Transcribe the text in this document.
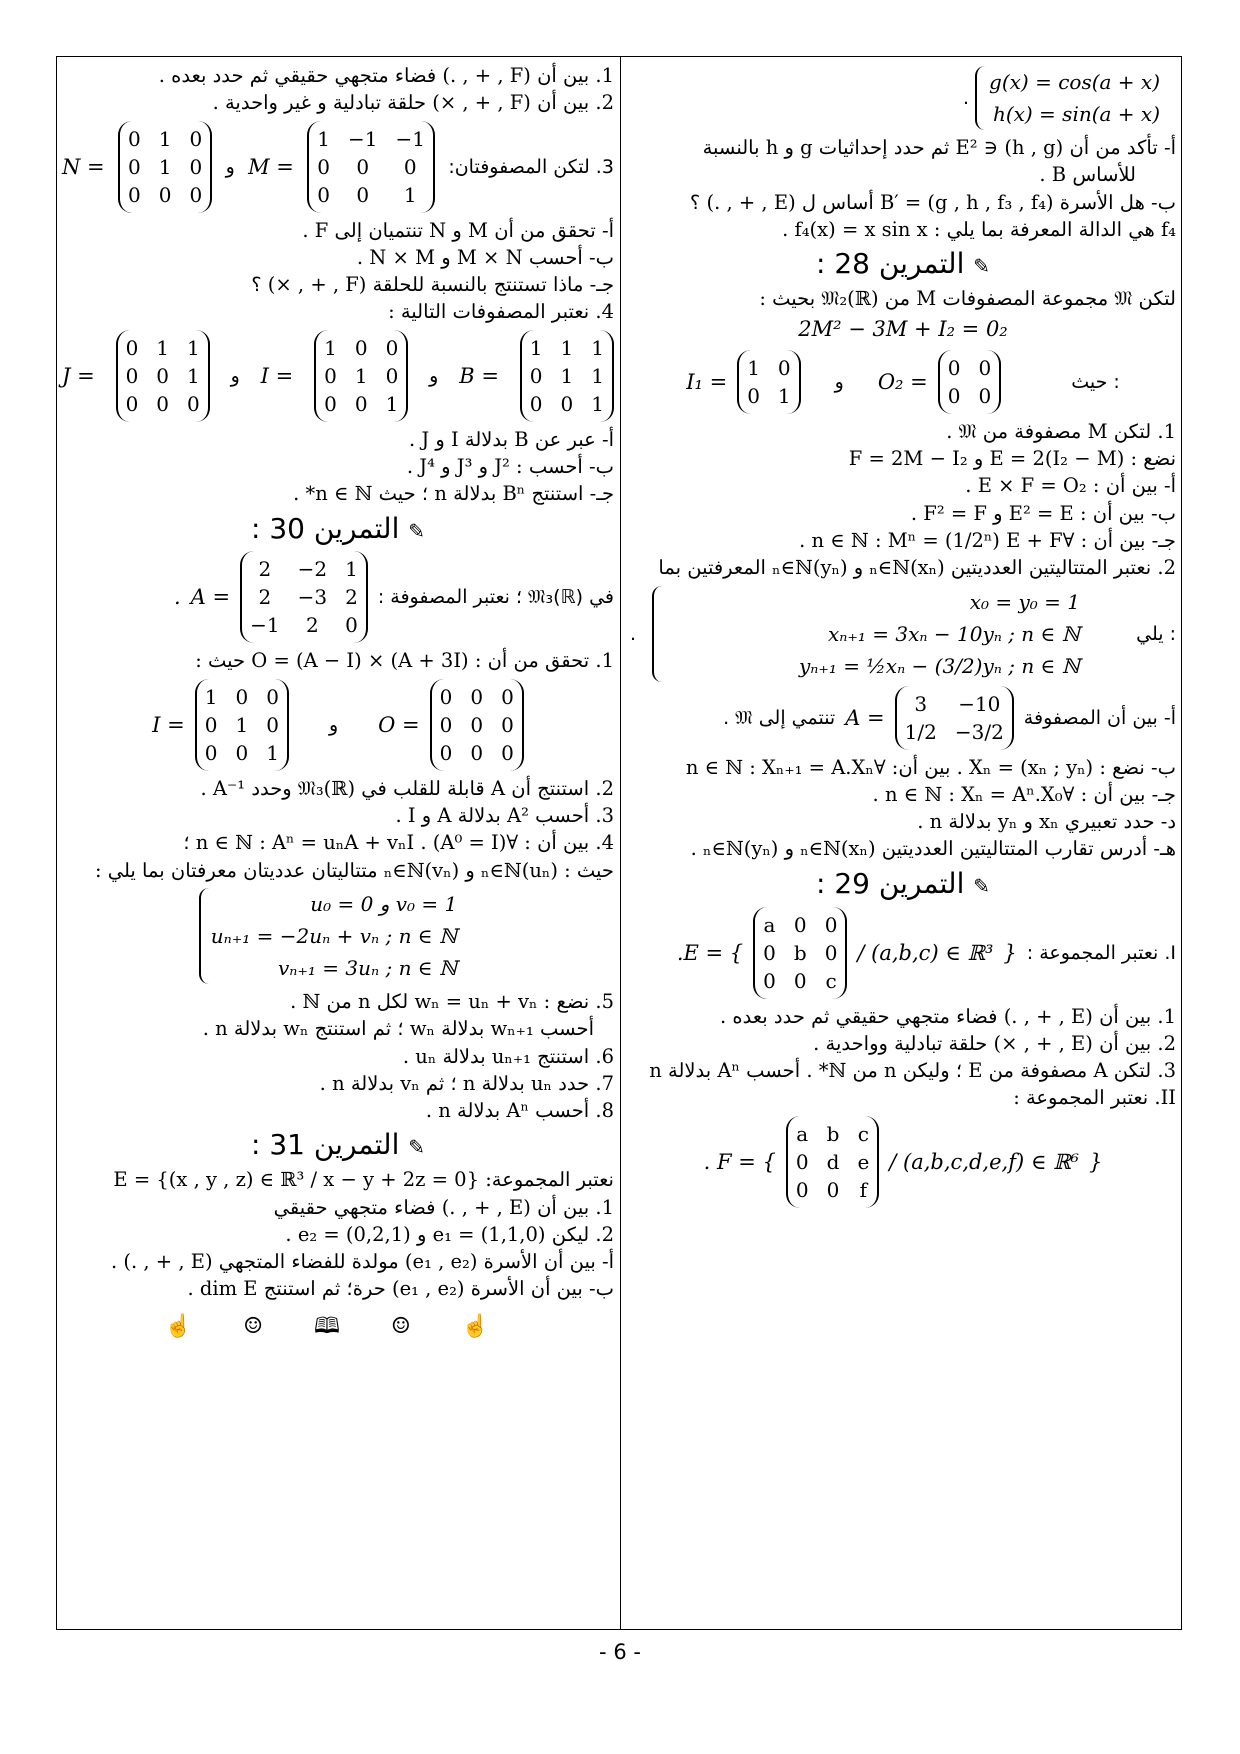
.
g(x) = cos(a + x)
h(x) = sin(a + x)

أ- تأكد من أن (h , g) ∈ E² ثم حدد إحداثيات g و h بالنسبة

للأساس B .

ب- هل الأسرة B′ = (g , h , f₃ , f₄) أساس ل (E , + , .) ؟

f₄ هي الدالة المعرفة بما يلي : f₄(x) = x sin x .

✎ التمرين 28 :

لتكن 𝔐 مجموعة المصفوفات M من 𝔐₂(ℝ) بحيث :

2M² − 3M + I₂ = 0₂

I₁ =
1 0
0 1
و O₂ =
0 0
0 0
حيث :

1. لتكن M مصفوفة من 𝔐 .

نضع : E = 2(I₂ − M) و F = 2M − I₂

أ- بين أن : E × F = O₂ .

ب- بين أن : E² = E و F² = F .

جـ- بين أن : ∀n ∈ ℕ : Mⁿ = (1/2ⁿ) E + F .

2. نعتبر المتتاليتين العدديتين (xₙ)ₙ∈ℕ و (yₙ)ₙ∈ℕ المعرفتين بما

.
x₀ = y₀ = 1
xₙ₊₁ = 3xₙ − 10yₙ ; n ∈ ℕ
yₙ₊₁ = ½xₙ − (3/2)yₙ ; n ∈ ℕ
يلي :
تنتمي إلى 𝔐 . A =
3	−10
1/2 −3/2
أ- بين أن المصفوفة

ب- نضع : Xₙ = (xₙ ; yₙ) . بين أن: ∀n ∈ ℕ : Xₙ₊₁ = A.Xₙ

جـ- بين أن : ∀n ∈ ℕ : Xₙ = Aⁿ.X₀ .

د- حدد تعبيري xₙ و yₙ بدلالة n .

هـ- أدرس تقارب المتتاليتين العدديتين (xₙ)ₙ∈ℕ و (yₙ)ₙ∈ℕ .

✎ التمرين 29 :
.E = {
a 0 0
0 b 0
0 0 c
/ (a,b,c) ∈ ℝ³ } I. نعتبر المجموعة :

1. بين أن (E , + , .) فضاء متجهي حقيقي ثم حدد بعده .

2. بين أن (E , + , ×) حلقة تبادلية وواحدية .

3. لتكن A مصفوفة من E ؛ وليكن n من ℕ* . أحسب Aⁿ بدلالة n

II. نعتبر المجموعة :

. F = {
a b c
0 d e
0 0 f
/ (a,b,c,d,e,f) ∈ ℝ⁶ }

1. بين أن (F , + , .) فضاء متجهي حقيقي ثم حدد بعده .

2. بين أن (F , + , ×) حلقة تبادلية و غير واحدية .

N =
0 1 0
0 1 0
0 0 0
و M =
1 −1 −1
0	0	0
0	0	1
3. لتكن المصفوفتان:

أ- تحقق من أن M و N تنتميان إلى F .

ب- أحسب M × N و N × M .

جـ- ماذا تستنتج بالنسبة للحلقة (F , + , ×) ؟

4. نعتبر المصفوفات التالية :

J =
0 1 1
0 0 1
0 0 0
و I =
1 0 0
0 1 0
0 0 1
و B =
1 1 1
0 1 1
0 0 1

أ- عبر عن B بدلالة I و J .

ب- أحسب : J² و J³ و J⁴ .

جـ- استنتج Bⁿ بدلالة n ؛ حيث n ∈ ℕ* .

✎ التمرين 30 :
. A =
2	−2 1
2	−3 2
−1	2	0
في 𝔐₃(ℝ) ؛ نعتبر المصفوفة :

1. تحقق من أن : (A + 3I) × (A − I) = O حيث :

I =
1 0 0
0 1 0
0 0 1
و O =
0 0 0
0 0 0
0 0 0

2. استنتج أن A قابلة للقلب في 𝔐₃(ℝ) وحدد A⁻¹ .

3. أحسب A² بدلالة A و I .

4. بين أن : ∀n ∈ ℕ : Aⁿ = uₙA + vₙI . (A⁰ = I) ؛

حيث : (uₙ)ₙ∈ℕ و (vₙ)ₙ∈ℕ متتاليتان عدديتان معرفتان بما يلي :

u₀ = 0 و v₀ = 1
uₙ₊₁ = −2uₙ + vₙ ; n ∈ ℕ
vₙ₊₁ = 3uₙ ; n ∈ ℕ

5. نضع : wₙ = uₙ + vₙ لكل n من ℕ .

أحسب wₙ₊₁ بدلالة wₙ ؛ ثم استنتج wₙ بدلالة n .

6. استنتج uₙ₊₁ بدلالة uₙ .

7. حدد uₙ بدلالة n ؛ ثم vₙ بدلالة n .

8. أحسب Aⁿ بدلالة n .

✎ التمرين 31 :

نعتبر المجموعة: E = {(x , y , z) ∈ ℝ³ / x − y + 2z = 0}

1. بين أن (E , + , .) فضاء متجهي حقيقي

2. ليكن e₁ = (1,1,0) و e₂ = (0,2,1) .

أ- بين أن الأسرة (e₁ , e₂) مولدة للفضاء المتجهي (E , + , .) .

ب- بين أن الأسرة (e₁ , e₂) حرة؛ ثم استنتج dim E .

☝ ☺ 🕮 ☺ ☝
- 6 -
